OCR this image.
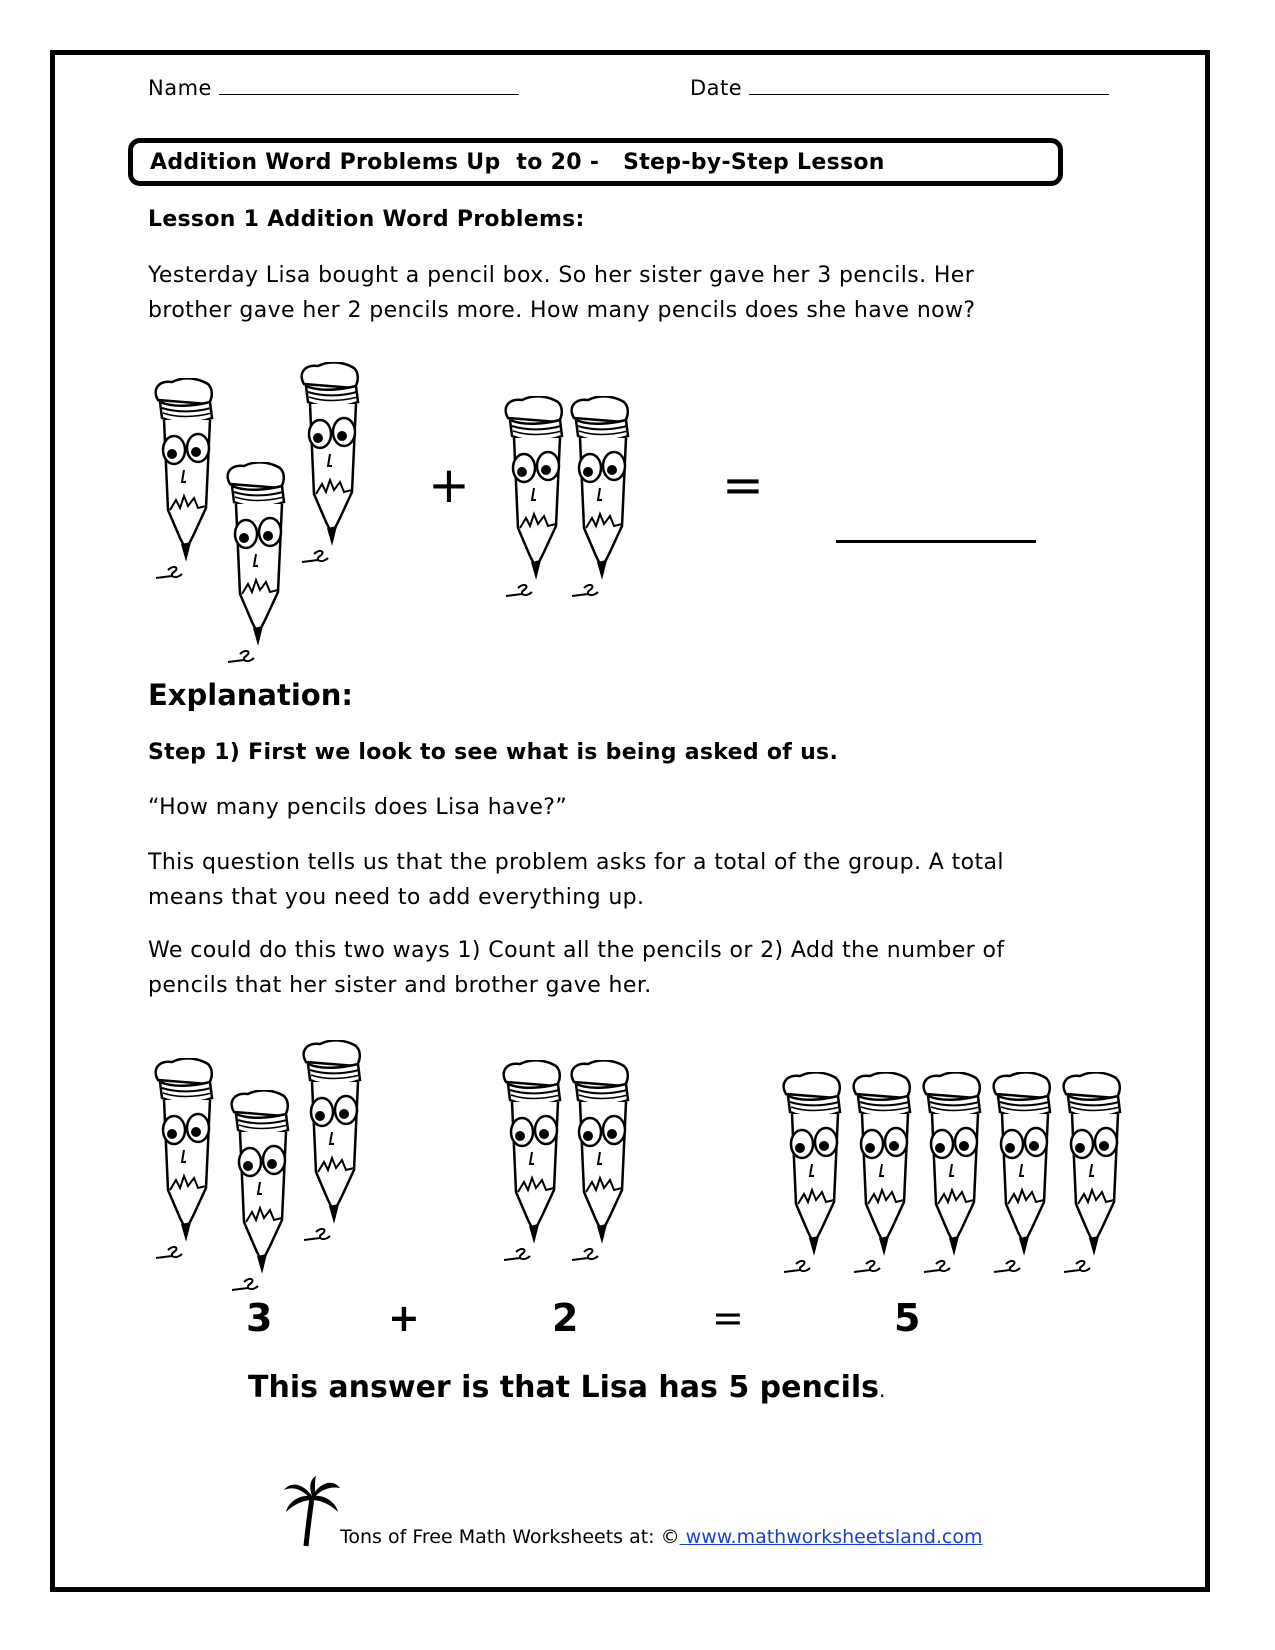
Name	Date
Addition Word Problems Up  to 20 -   Step-by-Step Lesson
Lesson 1 Addition Word Problems:
Yesterday Lisa bought a pencil box. So her sister gave her 3 pencils. Her
brother gave her 2 pencils more. How many pencils does she have now?
+	=
Explanation:
Step 1) First we look to see what is being asked of us.
“How many pencils does Lisa have?”
This question tells us that the problem asks for a total of the group. A total
means that you need to add everything up.
We could do this two ways 1) Count all the pencils or 2) Add the number of
pencils that her sister and brother gave her.
3	+	2	=	5
This answer is that Lisa has 5 pencils.
Tons of Free Math Worksheets at: © www.mathworksheetsland.com
